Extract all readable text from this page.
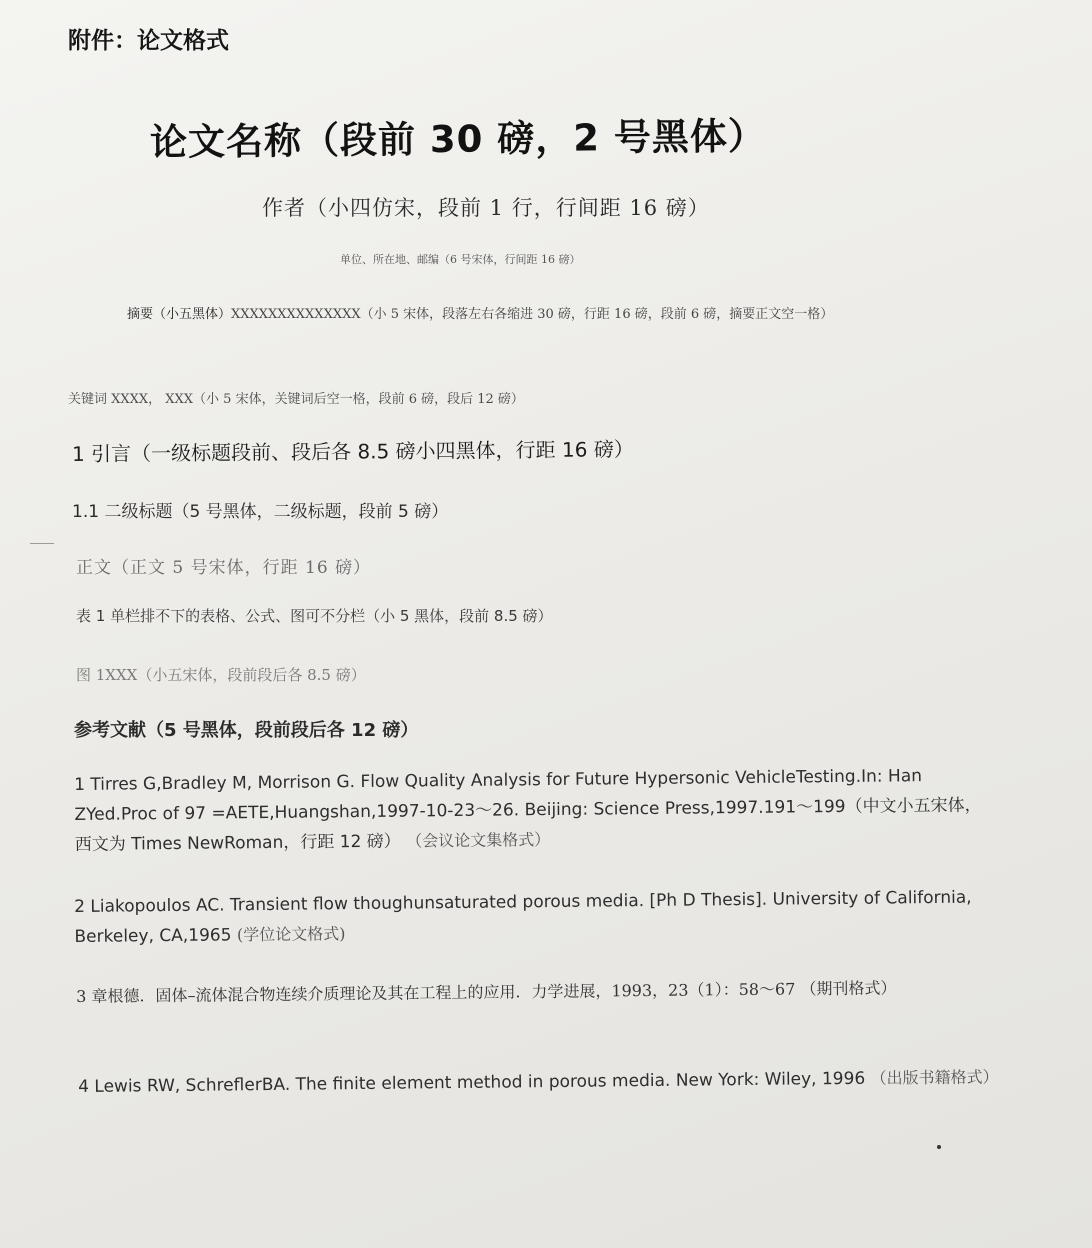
附件：论文格式
论文名称（段前 30 磅，2 号黑体）
作者（小四仿宋，段前 1 行，行间距 16 磅）
单位、所在地、邮编（6 号宋体，行间距 16 磅）
摘要（小五黑体）XXXXXXXXXXXXXX（小 5 宋体，段落左右各缩进 30 磅，行距 16 磅，段前 6 磅，摘要正文空一格）
关键词 XXXX， XXX（小 5 宋体，关键词后空一格，段前 6 磅，段后 12 磅）
1 引言（一级标题段前、段后各 8.5 磅小四黑体，行距 16 磅）
1.1 二级标题（5 号黑体，二级标题，段前 5 磅）
正文（正文 5 号宋体，行距 16 磅）
表 1 单栏排不下的表格、公式、图可不分栏（小 5 黑体，段前 8.5 磅）
图 1XXX（小五宋体，段前段后各 8.5 磅）
参考文献（5 号黑体，段前段后各 12 磅）
1 Tirres G,Bradley M, Morrison G. Flow Quality Analysis for Future Hypersonic VehicleTesting.In: Han ZYed.Proc of 97 =AETE,Huangshan,1997-10-23～26. Beijing: Science Press,1997.191～199（中文小五宋体，西文为 Times NewRoman，行距 12 磅） （会议论文集格式）
2 Liakopoulos AC. Transient flow thoughunsaturated porous media. [Ph D Thesis]. University of California, Berkeley, CA,1965 (学位论文格式)
3 章根德．固体–流体混合物连续介质理论及其在工程上的应用．力学进展，1993，23（1）：58～67 （期刊格式）
4 Lewis RW, SchreflerBA. The finite element method in porous media. New York: Wiley, 1996 （出版书籍格式）
